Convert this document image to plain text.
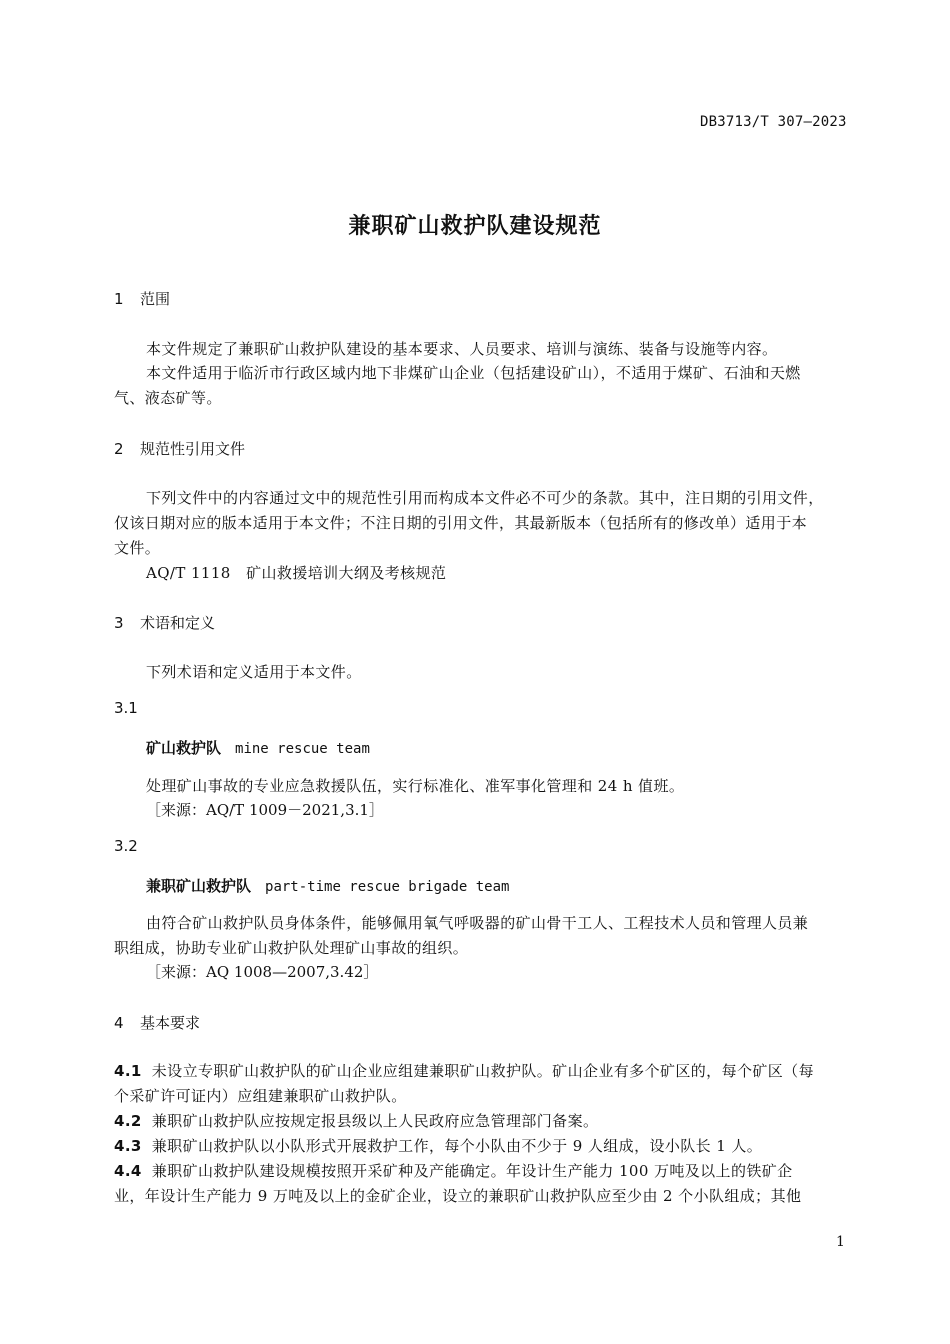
DB3713/T 307—2023
兼职矿山救护队建设规范
1 范围
本文件规定了兼职矿山救护队建设的基本要求、人员要求、培训与演练、装备与设施等内容。
本文件适用于临沂市行政区域内地下非煤矿山企业（包括建设矿山），不适用于煤矿、石油和天燃
气、液态矿等。
2 规范性引用文件
下列文件中的内容通过文中的规范性引用而构成本文件必不可少的条款。其中，注日期的引用文件，
仅该日期对应的版本适用于本文件；不注日期的引用文件，其最新版本（包括所有的修改单）适用于本
文件。
AQ/T 1118　矿山救援培训大纲及考核规范
3 术语和定义
下列术语和定义适用于本文件。
3.1
矿山救护队 mine rescue team
处理矿山事故的专业应急救援队伍，实行标准化、准军事化管理和 24 h 值班。
［来源：AQ/T 1009－2021,3.1］
3.2
兼职矿山救护队 part-time rescue brigade team
由符合矿山救护队员身体条件，能够佩用氧气呼吸器的矿山骨干工人、工程技术人员和管理人员兼
职组成，协助专业矿山救护队处理矿山事故的组织。
［来源：AQ 1008—2007,3.42］
4 基本要求
4.1 未设立专职矿山救护队的矿山企业应组建兼职矿山救护队。矿山企业有多个矿区的，每个矿区（每
个采矿许可证内）应组建兼职矿山救护队。
4.2 兼职矿山救护队应按规定报县级以上人民政府应急管理部门备案。
4.3 兼职矿山救护队以小队形式开展救护工作，每个小队由不少于 9 人组成，设小队长 1 人。
4.4 兼职矿山救护队建设规模按照开采矿种及产能确定。年设计生产能力 100 万吨及以上的铁矿企
业，年设计生产能力 9 万吨及以上的金矿企业，设立的兼职矿山救护队应至少由 2 个小队组成；其他
1
